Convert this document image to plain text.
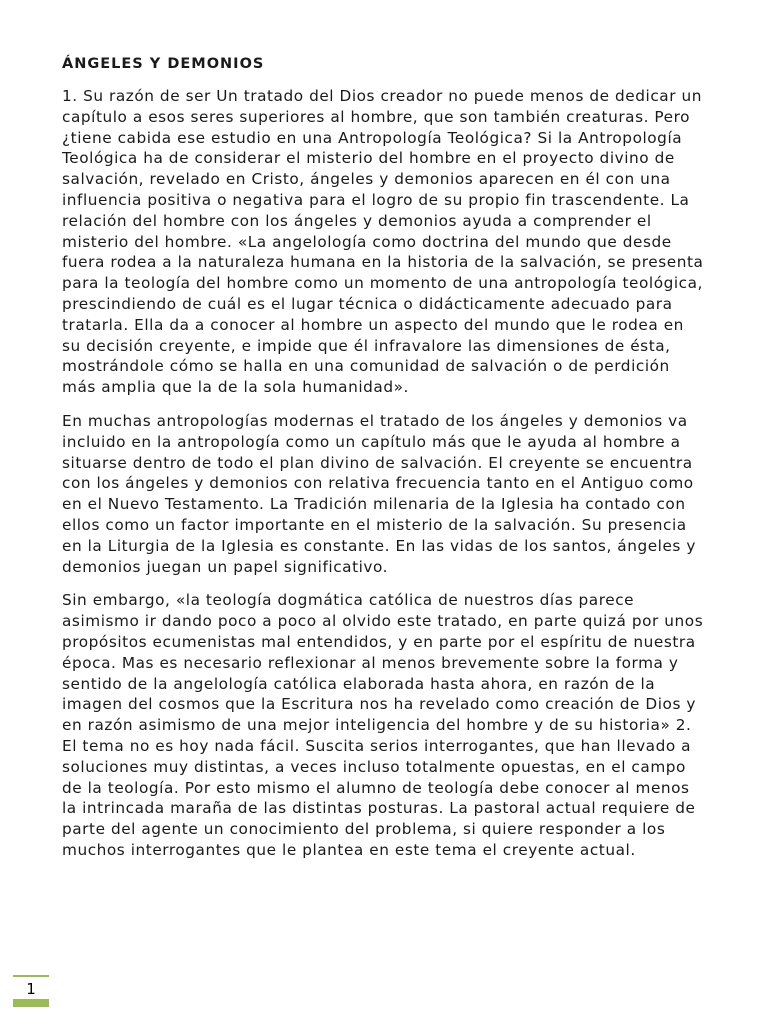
ÁNGELES Y DEMONIOS

1. Su razón de ser Un tratado del Dios creador no puede menos de dedicar un capítulo a esos seres superiores al hombre, que son también creaturas. Pero ¿tiene cabida ese estudio en una Antropología Teológica? Si la Antropología Teológica ha de considerar el misterio del hombre en el proyecto divino de salvación, revelado en Cristo, ángeles y demonios aparecen en él con una influencia positiva o negativa para el logro de su propio fin trascendente. La relación del hombre con los ángeles y demonios ayuda a comprender el misterio del hombre. «La angelología como doctrina del mundo que desde fuera rodea a la naturaleza humana en la historia de la salvación, se presenta para la teología del hombre como un momento de una antropología teológica, prescindiendo de cuál es el lugar técnica o didácticamente adecuado para tratarla. Ella da a conocer al hombre un aspecto del mundo que le rodea en su decisión creyente, e impide que él infravalore las dimensiones de ésta, mostrándole cómo se halla en una comunidad de salvación o de perdición más amplia que la de la sola humanidad».

En muchas antropologías modernas el tratado de los ángeles y demonios va incluido en la antropología como un capítulo más que le ayuda al hombre a situarse dentro de todo el plan divino de salvación. El creyente se encuentra con los ángeles y demonios con relativa frecuencia tanto en el Antiguo como en el Nuevo Testamento. La Tradición milenaria de la Iglesia ha contado con ellos como un factor importante en el misterio de la salvación. Su presencia en la Liturgia de la Iglesia es constante. En las vidas de los santos, ángeles y demonios juegan un papel significativo.

Sin embargo, «la teología dogmática católica de nuestros días parece asimismo ir dando poco a poco al olvido este tratado, en parte quizá por unos propósitos ecumenistas mal entendidos, y en parte por el espíritu de nuestra época. Mas es necesario reflexionar al menos brevemente sobre la forma y sentido de la angelología católica elaborada hasta ahora, en razón de la imagen del cosmos que la Escritura nos ha revelado como creación de Dios y en razón asimismo de una mejor inteligencia del hombre y de su historia» 2. El tema no es hoy nada fácil. Suscita serios interrogantes, que han llevado a soluciones muy distintas, a veces incluso totalmente opuestas, en el campo de la teología. Por esto mismo el alumno de teología debe conocer al menos la intrincada maraña de las distintas posturas. La pastoral actual requiere de parte del agente un conocimiento del problema, si quiere responder a los muchos interrogantes que le plantea en este tema el creyente actual.

1
